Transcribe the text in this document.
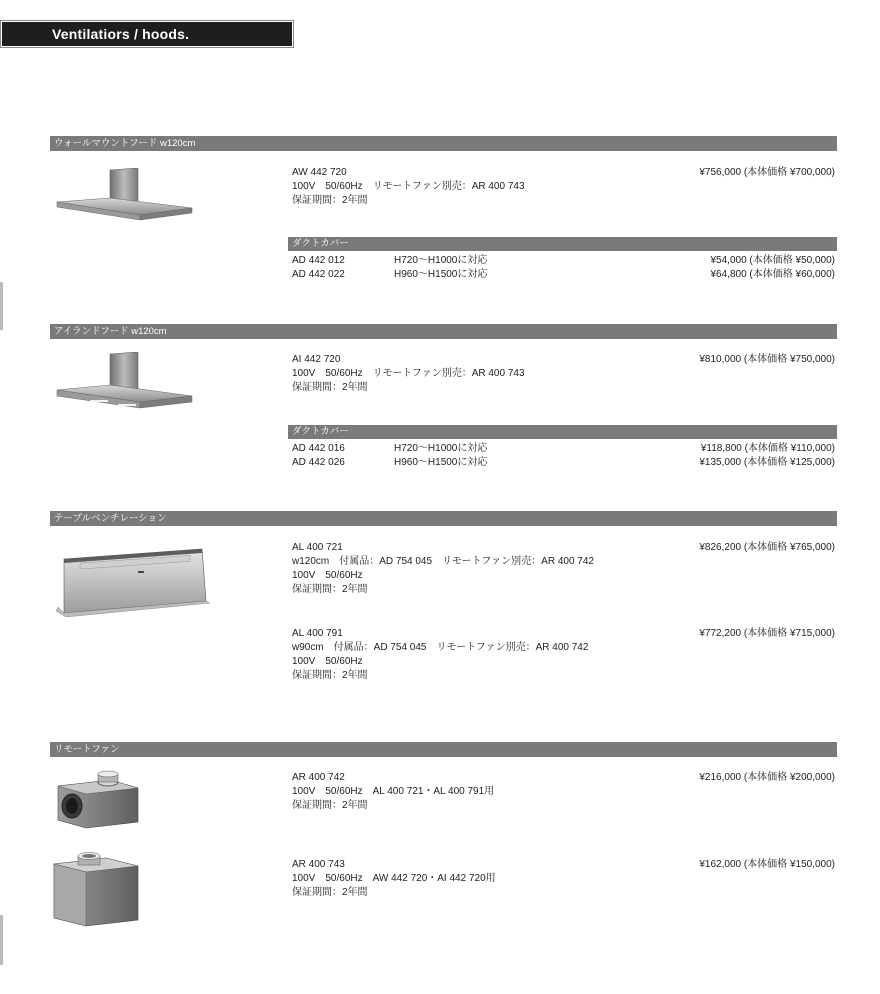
Ventilatiors / hoods.
ウォールマウントフード w120cm
AW 442 720
100V　50/60Hz　リモートファン別売：AR 400 743
保証期間：2年間
¥756,000 (本体価格 ¥700,000)
ダクトカバー
AD 442 012	H720～H1000に対応	¥54,000 (本体価格 ¥50,000)
AD 442 022	H960～H1500に対応	¥64,800 (本体価格 ¥60,000)
アイランドフード w120cm
AI 442 720
100V　50/60Hz　リモートファン別売：AR 400 743
保証期間：2年間
¥810,000 (本体価格 ¥750,000)
ダクトカバー
AD 442 016	H720～H1000に対応	¥118,800 (本体価格 ¥110,000)
AD 442 026	H960～H1500に対応	¥135,000 (本体価格 ¥125,000)
テーブルベンチレーション
AL 400 721
w120cm　付属品：AD 754 045　リモートファン別売：AR 400 742
100V　50/60Hz
保証期間：2年間
¥826,200 (本体価格 ¥765,000)
AL 400 791
w90cm　付属品：AD 754 045　リモートファン別売：AR 400 742
100V　50/60Hz
保証期間：2年間
¥772,200 (本体価格 ¥715,000)
リモートファン
AR 400 742
100V　50/60Hz　AL 400 721・AL 400 791用
保証期間：2年間
¥216,000 (本体価格 ¥200,000)
AR 400 743
100V　50/60Hz　AW 442 720・AI 442 720用
保証期間：2年間
¥162,000 (本体価格 ¥150,000)
